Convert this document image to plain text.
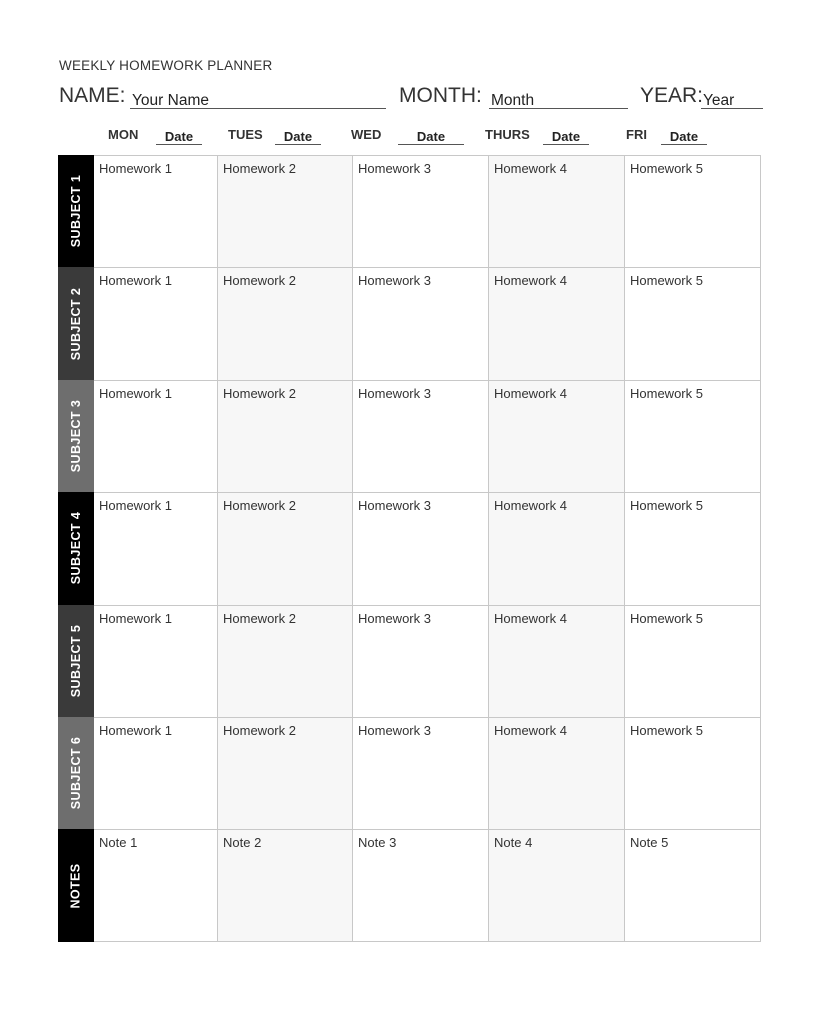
WEEKLY HOMEWORK PLANNER
NAME: Your Name	MONTH: Month	YEAR: Year
MON	Date	TUES	Date	WED	Date	THURS	Date	FRI	Date
SUBJECT 1
Homework 1	Homework 2	Homework 3	Homework 4	Homework 5
SUBJECT 2
Homework 1	Homework 2	Homework 3	Homework 4	Homework 5
SUBJECT 3
Homework 1	Homework 2	Homework 3	Homework 4	Homework 5
SUBJECT 4
Homework 1	Homework 2	Homework 3	Homework 4	Homework 5
SUBJECT 5
Homework 1	Homework 2	Homework 3	Homework 4	Homework 5
SUBJECT 6
Homework 1	Homework 2	Homework 3	Homework 4	Homework 5
NOTES
Note 1	Note 2	Note 3	Note 4	Note 5
